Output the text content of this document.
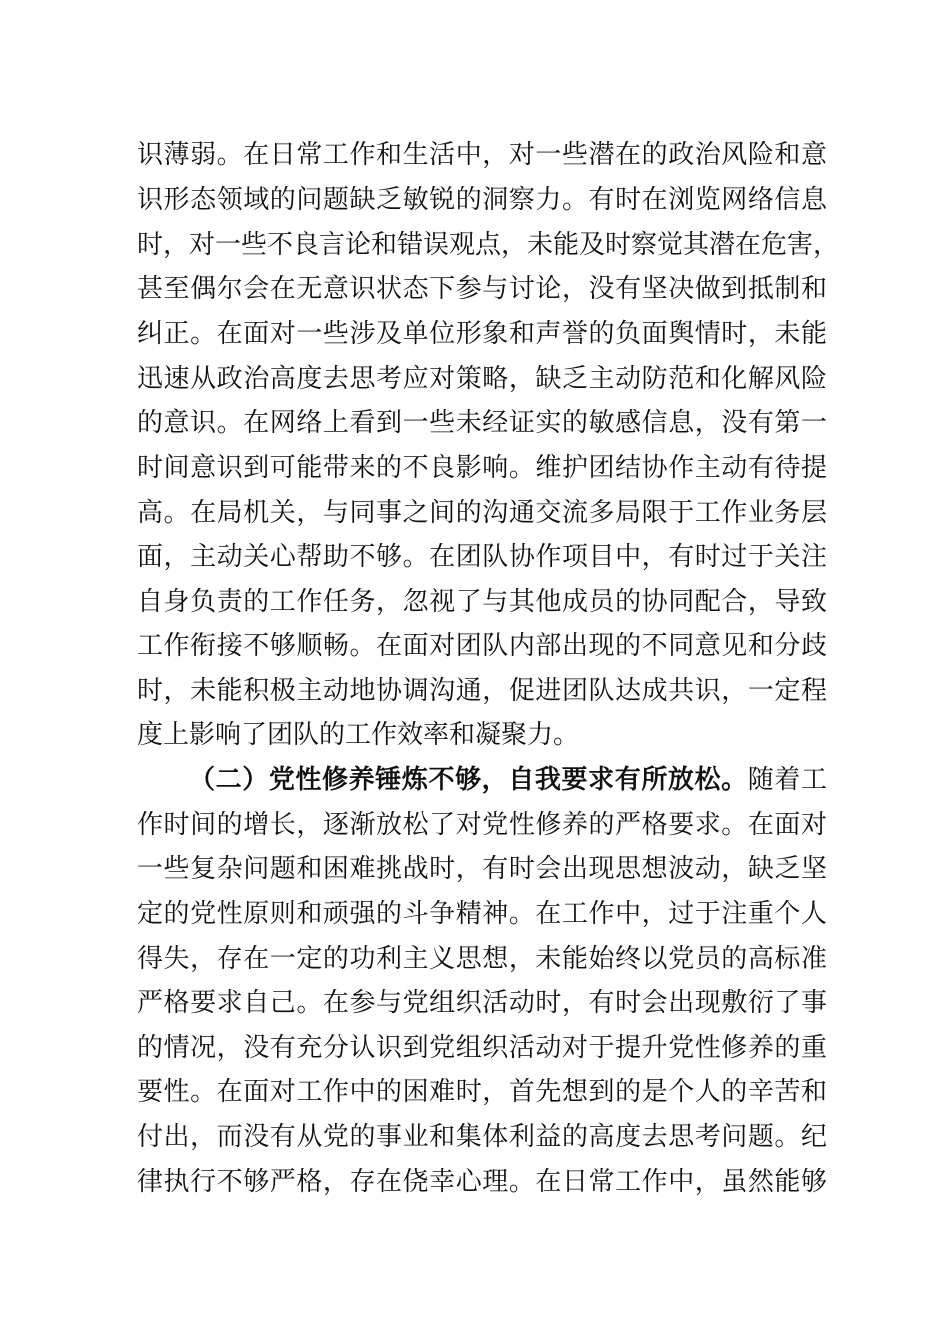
识薄弱。在日常工作和生活中，对一些潜在的政治风险和意
识形态领域的问题缺乏敏锐的洞察力。有时在浏览网络信息
时，对一些不良言论和错误观点，未能及时察觉其潜在危害，
甚至偶尔会在无意识状态下参与讨论，没有坚决做到抵制和
纠正。在面对一些涉及单位形象和声誉的负面舆情时，未能
迅速从政治高度去思考应对策略，缺乏主动防范和化解风险
的意识。在网络上看到一些未经证实的敏感信息，没有第一
时间意识到可能带来的不良影响。维护团结协作主动有待提
高。在局机关，与同事之间的沟通交流多局限于工作业务层
面，主动关心帮助不够。在团队协作项目中，有时过于关注
自身负责的工作任务，忽视了与其他成员的协同配合，导致
工作衔接不够顺畅。在面对团队内部出现的不同意见和分歧
时，未能积极主动地协调沟通，促进团队达成共识，一定程
度上影响了团队的工作效率和凝聚力。
（二）党性修养锤炼不够，自我要求有所放松。随着工
作时间的增长，逐渐放松了对党性修养的严格要求。在面对
一些复杂问题和困难挑战时，有时会出现思想波动，缺乏坚
定的党性原则和顽强的斗争精神。在工作中，过于注重个人
得失，存在一定的功利主义思想，未能始终以党员的高标准
严格要求自己。在参与党组织活动时，有时会出现敷衍了事
的情况，没有充分认识到党组织活动对于提升党性修养的重
要性。在面对工作中的困难时，首先想到的是个人的辛苦和
付出，而没有从党的事业和集体利益的高度去思考问题。纪
律执行不够严格，存在侥幸心理。在日常工作中，虽然能够
